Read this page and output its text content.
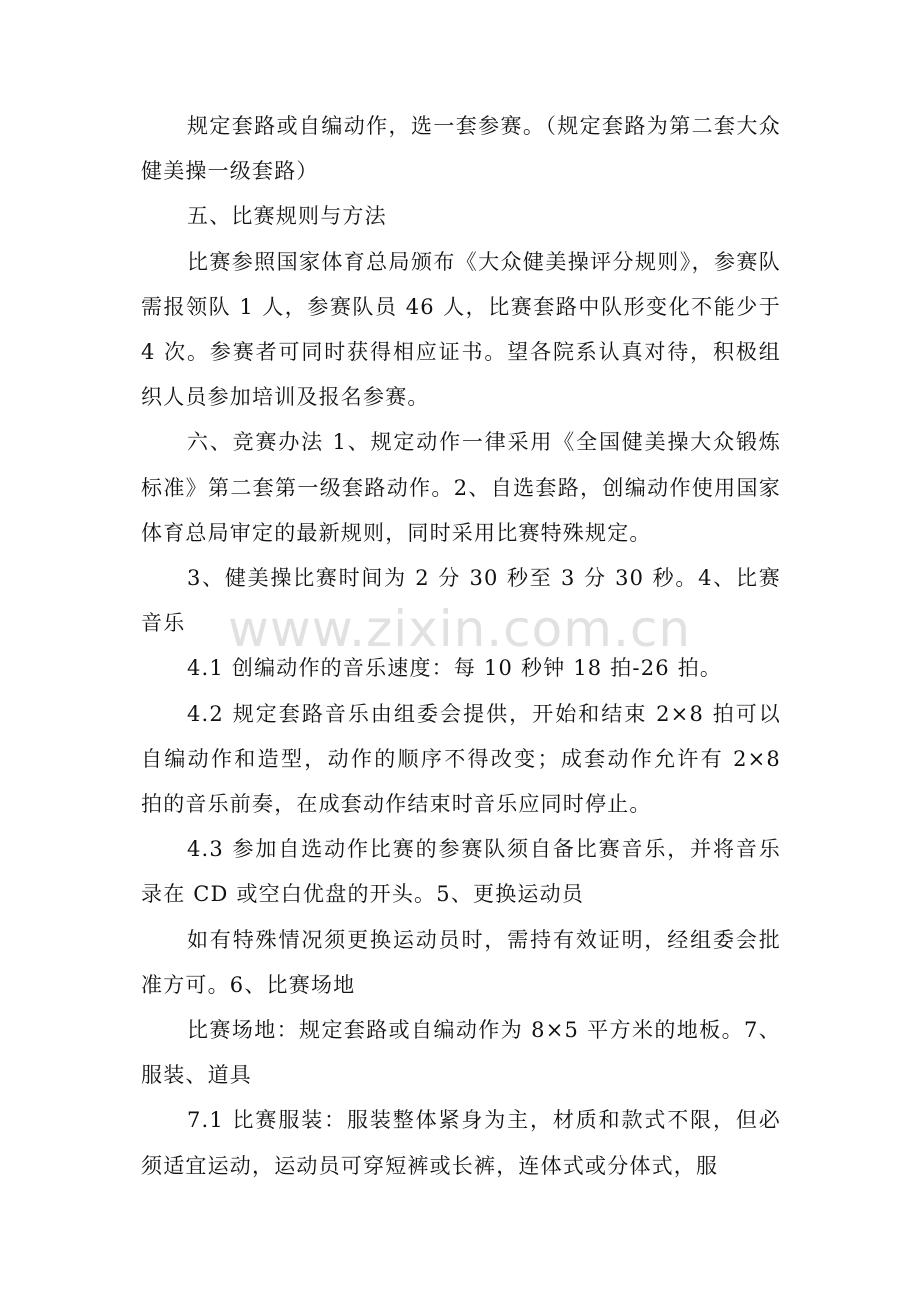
规定套路或自编动作，选一套参赛。（规定套路为第二套大众健美操一级套路）

五、比赛规则与方法

比赛参照国家体育总局颁布《大众健美操评分规则》，参赛队需报领队 1 人，参赛队员 46 人，比赛套路中队形变化不能少于 4 次。参赛者可同时获得相应证书。望各院系认真对待，积极组织人员参加培训及报名参赛。

六、竞赛办法 1、规定动作一律采用《全国健美操大众锻炼标准》第二套第一级套路动作。2、自选套路，创编动作使用国家体育总局审定的最新规则，同时采用比赛特殊规定。

3、健美操比赛时间为 2 分 30 秒至 3 分 30 秒。4、比赛音乐

4.1 创编动作的音乐速度：每 10 秒钟 18 拍-26 拍。

4.2 规定套路音乐由组委会提供，开始和结束 2×8 拍可以自编动作和造型，动作的顺序不得改变；成套动作允许有 2×8 拍的音乐前奏，在成套动作结束时音乐应同时停止。

4.3 参加自选动作比赛的参赛队须自备比赛音乐，并将音乐录在 CD 或空白优盘的开头。5、更换运动员

如有特殊情况须更换运动员时，需持有效证明，经组委会批准方可。6、比赛场地

比赛场地：规定套路或自编动作为 8×5 平方米的地板。7、服装、道具

7.1 比赛服装：服装整体紧身为主，材质和款式不限，但必须适宜运动，运动员可穿短裤或长裤，连体式或分体式，服

www.zixin.com.cn
